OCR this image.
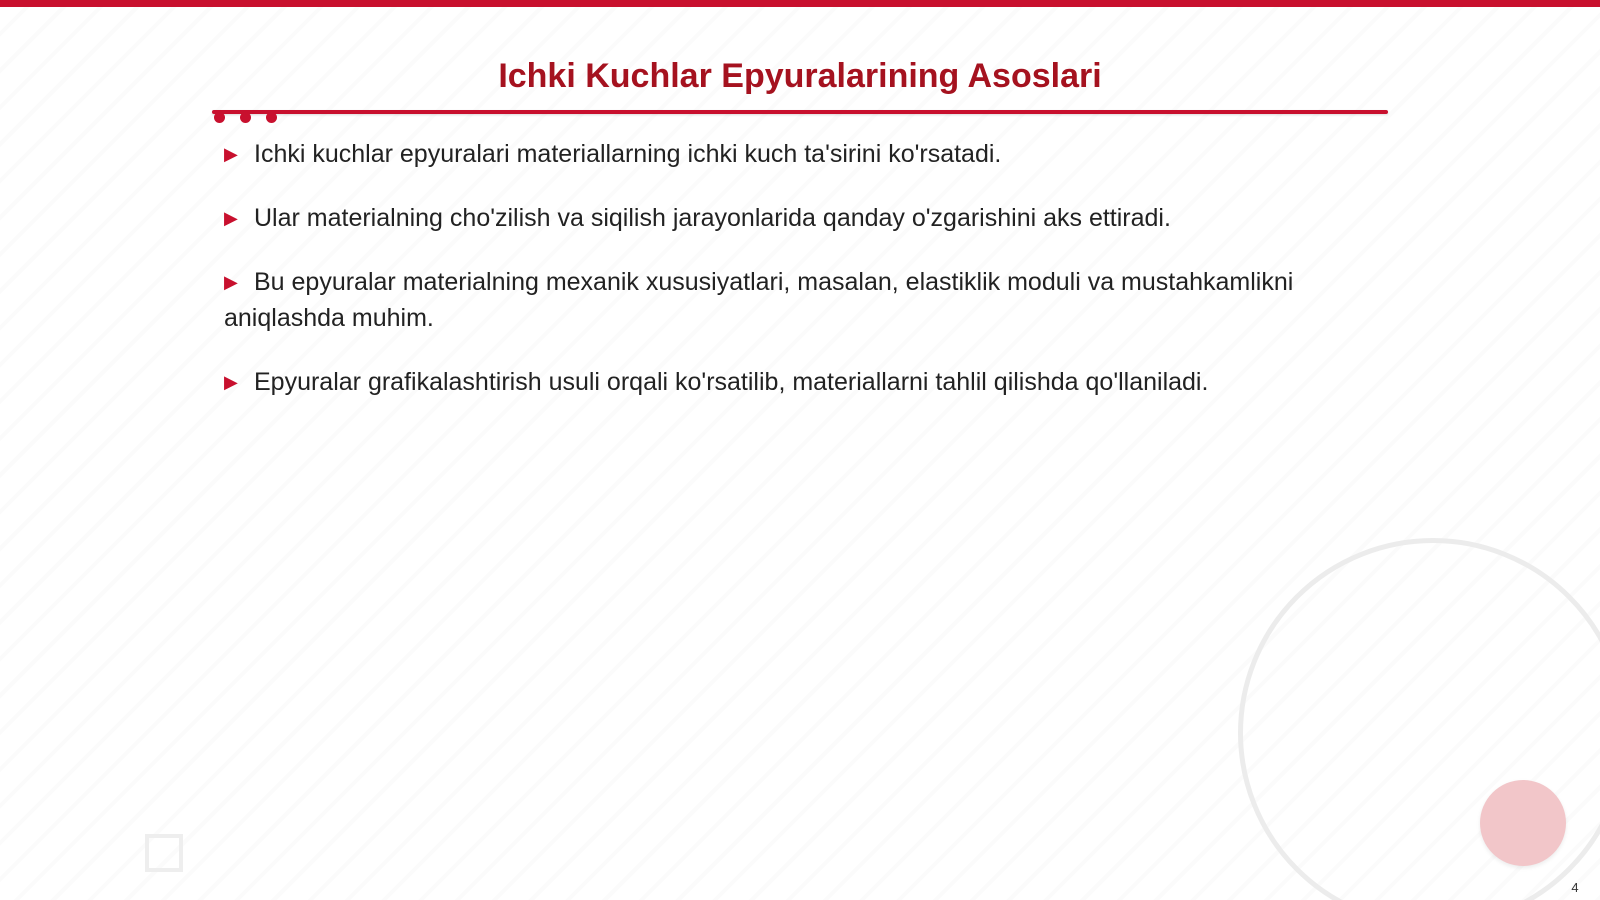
Ichki Kuchlar Epyuralarining Asoslari
▶ Ichki kuchlar epyuralari materiallarning ichki kuch ta'sirini ko'rsatadi.
▶ Ular materialning cho'zilish va siqilish jarayonlarida qanday o'zgarishini aks ettiradi.
▶ Bu epyuralar materialning mexanik xususiyatlari, masalan, elastiklik moduli va mustahkamlikni aniqlashda muhim.
▶ Epyuralar grafikalashtirish usuli orqali ko'rsatilib, materiallarni tahlil qilishda qo'llaniladi.
4
